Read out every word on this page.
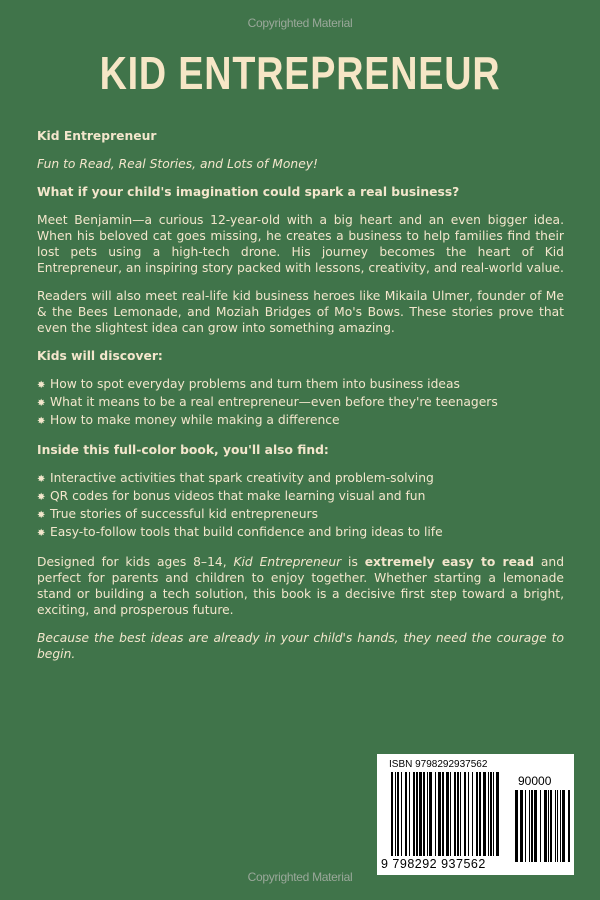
Copyrighted Material
KID ENTREPRENEUR

Kid Entrepreneur

Fun to Read, Real Stories, and Lots of Money!

What if your child's imagination could spark a real business?

Meet Benjamin—a curious 12-year-old with a big heart and an even bigger idea. When his beloved cat goes missing, he creates a business to help families find their lost pets using a high-tech drone. His journey becomes the heart of Kid Entrepreneur, an inspiring story packed with lessons, creativity, and real-world value.

Readers will also meet real-life kid business heroes like Mikaila Ulmer, founder of Me & the Bees Lemonade, and Moziah Bridges of Mo's Bows. These stories prove that even the slightest idea can grow into something amazing.

Kids will discover:

✸ How to spot everyday problems and turn them into business ideas
✸ What it means to be a real entrepreneur—even before they're teenagers
✸ How to make money while making a difference

Inside this full-color book, you'll also find:

✸ Interactive activities that spark creativity and problem-solving
✸ QR codes for bonus videos that make learning visual and fun
✸ True stories of successful kid entrepreneurs
✸ Easy-to-follow tools that build confidence and bring ideas to life

Designed for kids ages 8–14, Kid Entrepreneur is extremely easy to read and perfect for parents and children to enjoy together. Whether starting a lemonade stand or building a tech solution, this book is a decisive first step toward a bright, exciting, and prosperous future.

Because the best ideas are already in your child's hands, they need the courage to begin.

ISBN 9798292937562
90000
9 798292 937562
Copyrighted Material
